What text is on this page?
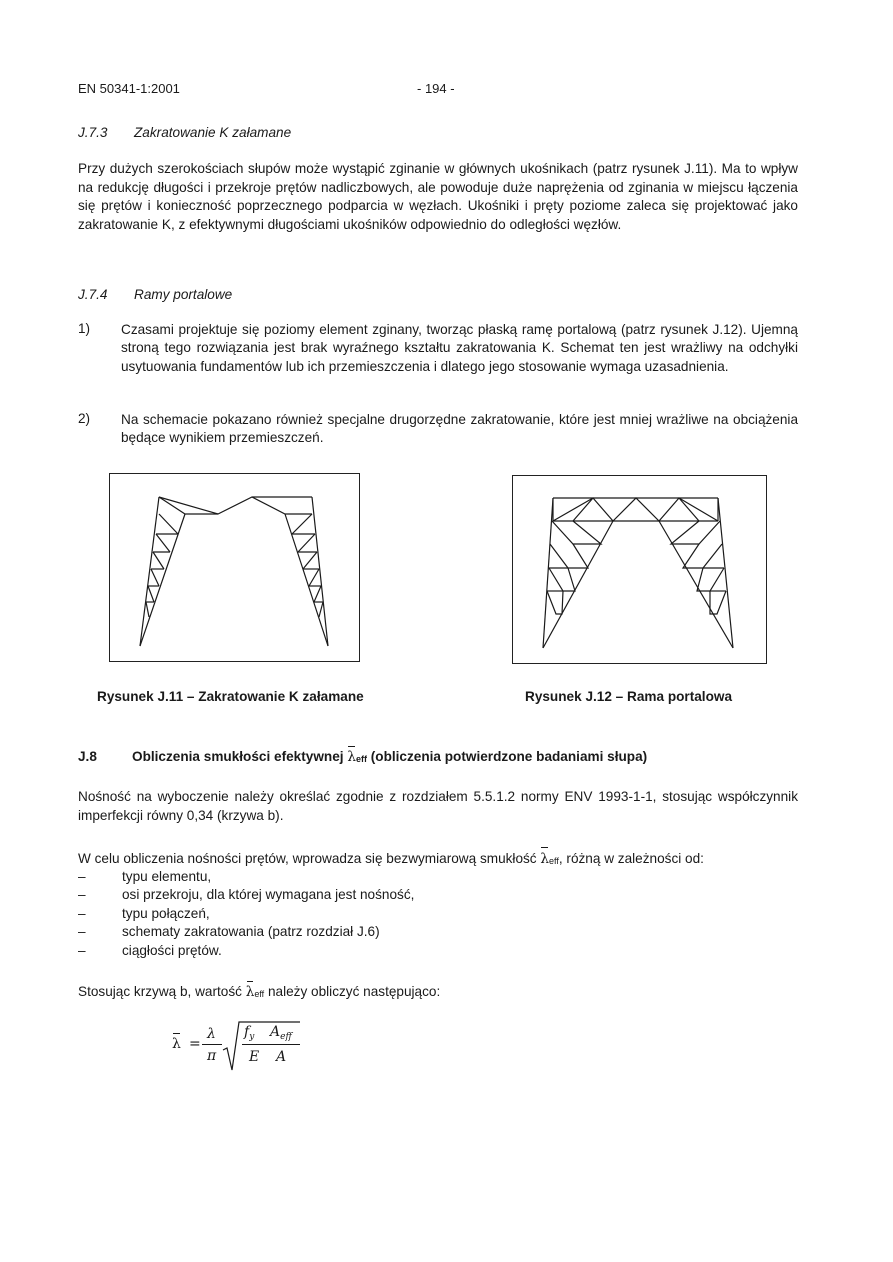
EN 50341-1:2001	- 194 -
J.7.3 Zakratowanie K załamane
Przy dużych szerokościach słupów może wystąpić zginanie w głównych ukośnikach (patrz rysunek J.11). Ma to wpływ na redukcję długości i przekroje prętów nadliczbowych, ale powoduje duże naprężenia od zginania w miejscu łączenia się prętów i konieczność poprzecznego podparcia w węzłach. Ukośniki i pręty poziome zaleca się projektować jako zakratowanie K, z efektywnymi długościami ukośników odpowiednio do odległości węzłów.
J.7.4 Ramy portalowe
1) Czasami projektuje się poziomy element zginany, tworząc płaską ramę portalową (patrz rysunek J.12). Ujemną stroną tego rozwiązania jest brak wyraźnego kształtu zakratowania K. Schemat ten jest wrażliwy na odchyłki usytuowania fundamentów lub ich przemieszczenia i dlatego jego stosowanie wymaga uzasadnienia.
2) Na schemacie pokazano również specjalne drugorzędne zakratowanie, które jest mniej wrażliwe na obciążenia będące wynikiem przemieszczeń.
Rysunek J.11 – Zakratowanie K załamane	Rysunek J.12 – Rama portalowa
J.8	Obliczenia smukłości efektywnej λeff (obliczenia potwierdzone badaniami słupa)
Nośność na wyboczenie należy określać zgodnie z rozdziałem 5.5.1.2 normy ENV 1993-1-1, stosując współczynnik imperfekcji równy 0,34 (krzywa b).
W celu obliczenia nośności prętów, wprowadza się bezwymiarową smukłość λeff, różną w zależności od:
– typu elementu,
– osi przekroju, dla której wymagana jest nośność,
– typu połączeń,
– schematy zakratowania (patrz rozdział J.6)
– ciągłości prętów.
Stosując krzywą b, wartość λeff należy obliczyć następująco:
λ =
λ
π
$f_y$ $A_{eff}$
E A
